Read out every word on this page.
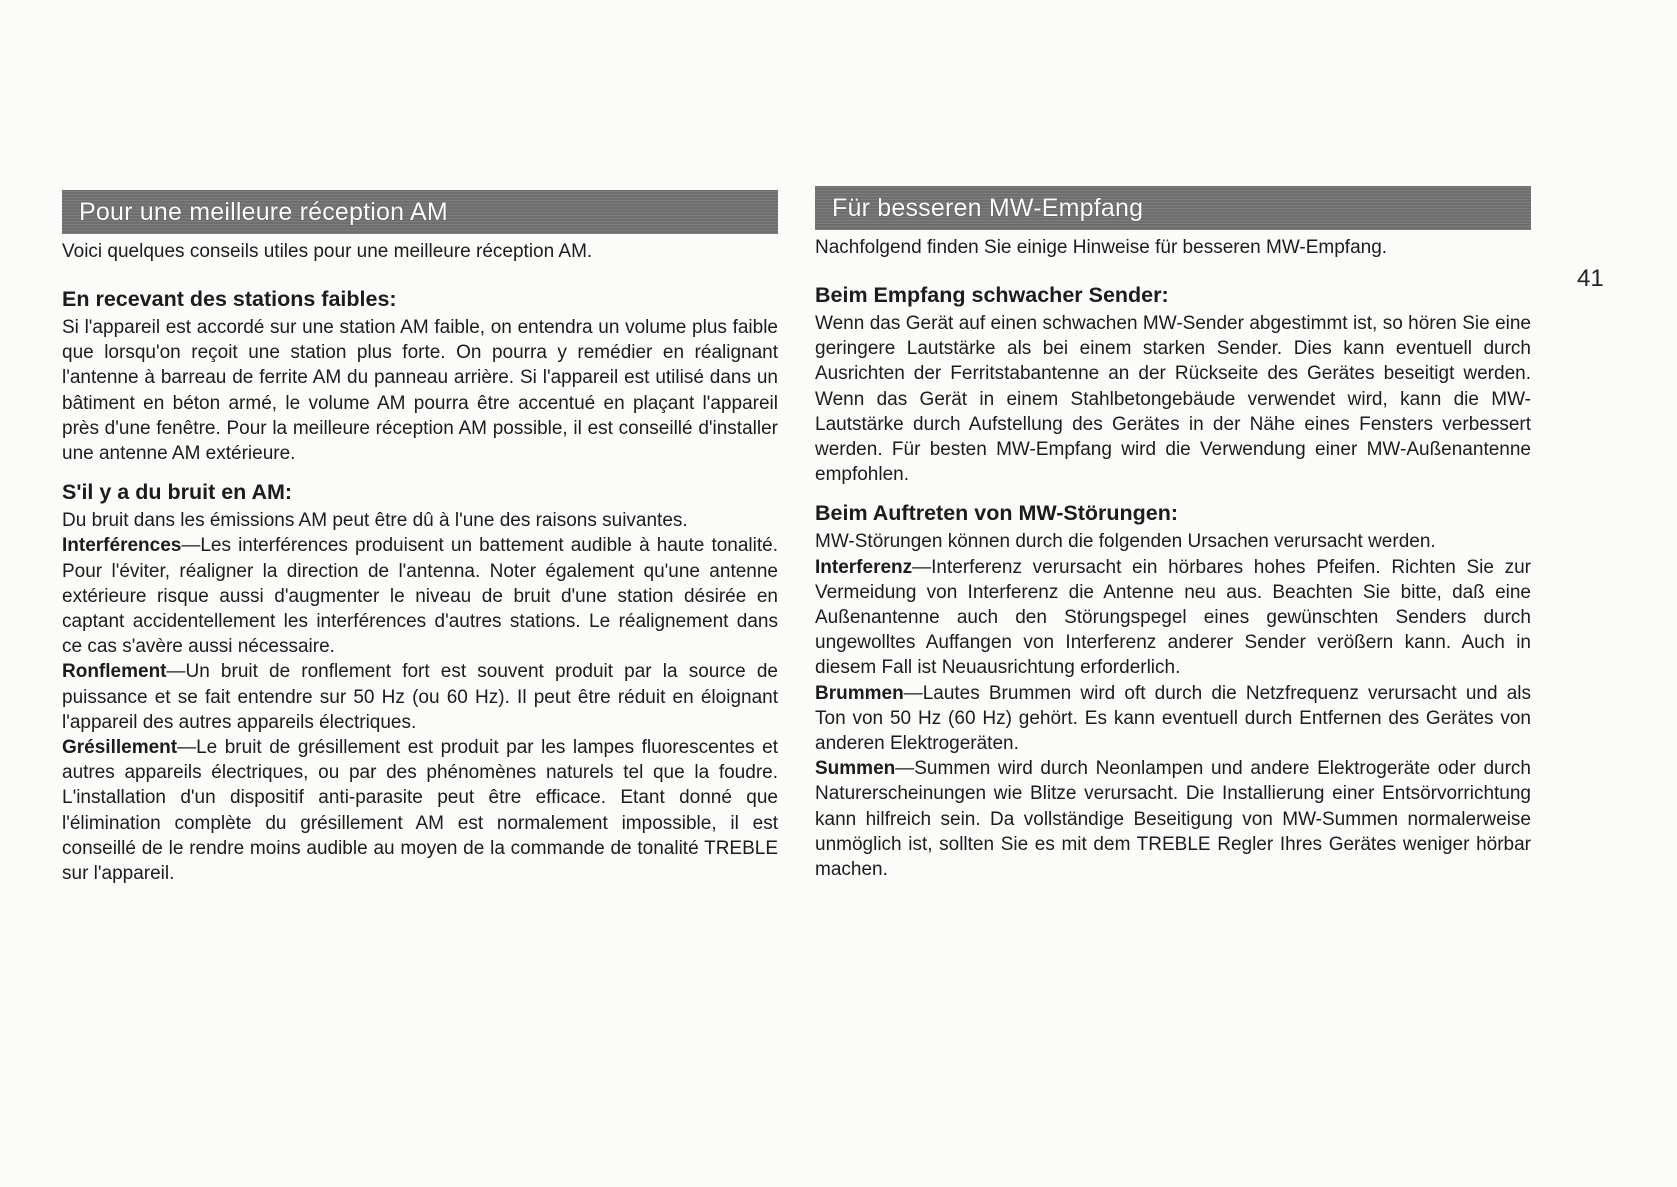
Pour une meilleure réception AM
Voici quelques conseils utiles pour une meilleure réception AM.
En recevant des stations faibles:

Si l'appareil est accordé sur une station AM faible, on entendra un volume plus faible que lorsqu'on reçoit une station plus forte. On pourra y remédier en réalignant l'antenne à barreau de ferrite AM du panneau arrière. Si l'appareil est utilisé dans un bâtiment en béton armé, le volume AM pourra être accentué en plaçant l'appareil près d'une fenêtre. Pour la meilleure réception AM possible, il est conseillé d'installer une antenne AM extérieure.

S'il y a du bruit en AM:

Du bruit dans les émissions AM peut être dû à l'une des raisons suivantes.

Interférences—Les interférences produisent un battement audible à haute tonalité. Pour l'éviter, réaligner la direction de l'antenna. Noter également qu'une antenne extérieure risque aussi d'augmenter le niveau de bruit d'une station désirée en captant accidentellement les interférences d'autres stations. Le réalignement dans ce cas s'avère aussi nécessaire.

Ronflement—Un bruit de ronflement fort est souvent produit par la source de puissance et se fait entendre sur 50 Hz (ou 60 Hz). Il peut être réduit en éloignant l'appareil des autres appareils électriques.

Grésillement—Le bruit de grésillement est produit par les lampes fluorescentes et autres appareils électriques, ou par des phénomènes naturels tel que la foudre. L'installation d'un dispositif anti-parasite peut être efficace. Etant donné que l'élimination complète du grésillement AM est normalement impossible, il est conseillé de le rendre moins audible au moyen de la commande de tonalité TREBLE sur l'appareil.

Für besseren MW-Empfang
Nachfolgend finden Sie einige Hinweise für besseren MW-Empfang.
Beim Empfang schwacher Sender:

Wenn das Gerät auf einen schwachen MW-Sender abgestimmt ist, so hören Sie eine geringere Lautstärke als bei einem starken Sender. Dies kann eventuell durch Ausrichten der Ferritstabantenne an der Rückseite des Gerätes beseitigt werden. Wenn das Gerät in einem Stahlbetongebäude verwendet wird, kann die MW-Lautstärke durch Aufstellung des Gerätes in der Nähe eines Fensters verbessert werden. Für besten MW-Empfang wird die Verwendung einer MW-Außenantenne empfohlen.

Beim Auftreten von MW-Störungen:

MW-Störungen können durch die folgenden Ursachen verursacht werden.

Interferenz—Interferenz verursacht ein hörbares hohes Pfeifen. Richten Sie zur Vermeidung von Interferenz die Antenne neu aus. Beachten Sie bitte, daß eine Außenantenne auch den Störungspegel eines gewünschten Senders durch ungewolltes Auffangen von Interferenz anderer Sender verößern kann. Auch in diesem Fall ist Neuausrichtung erforderlich.

Brummen—Lautes Brummen wird oft durch die Netzfrequenz verursacht und als Ton von 50 Hz (60 Hz) gehört. Es kann eventuell durch Entfernen des Gerätes von anderen Elektrogeräten.

Summen—Summen wird durch Neonlampen und andere Elektrogeräte oder durch Naturerscheinungen wie Blitze verursacht. Die Installierung einer Entsörvorrichtung kann hilfreich sein. Da vollständige Beseitigung von MW-Summen normalerweise unmöglich ist, sollten Sie es mit dem TREBLE Regler Ihres Gerätes weniger hörbar machen.

41
